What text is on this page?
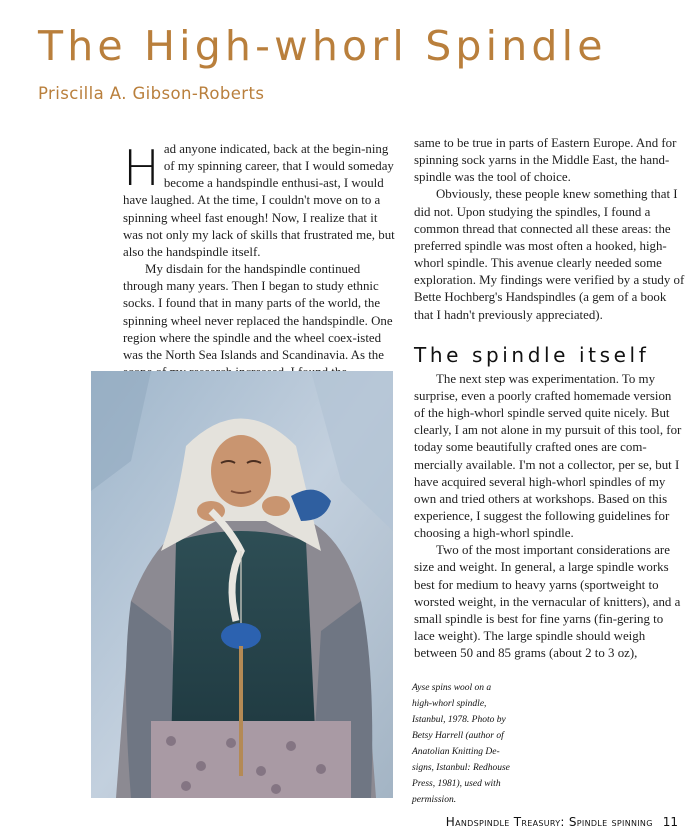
The High-whorl Spindle
Priscilla A. Gibson-Roberts

Had anyone indicated, back at the begin-ning of my spinning career, that I would someday become a handspindle enthusi-ast, I would have laughed. At the time, I couldn't move on to a spinning wheel fast enough! Now, I realize that it was not only my lack of skills that frustrated me, but also the handspindle itself.

My disdain for the handspindle continued through many years. Then I began to study ethnic socks. I found that in many parts of the world, the spinning wheel never replaced the handspindle. One region where the spindle and the wheel coex-isted was the North Sea Islands and Scandinavia. As the

same to be true in parts of Eastern Europe. And for spinning sock yarns in the Middle East, the hand-spindle was the tool of choice.

Obviously, these people knew something that I did not. Upon studying the spindles, I found a common thread that connected all these areas: the preferred spindle was most often a hooked, high-whorl spindle. This avenue clearly needed some exploration. My findings were verified by a study of Bette Hochberg's Handspindles (a gem of a book that I hadn't previously appreciated).

The spindle itself

The next step was experimentation. To my surprise, even a poorly crafted homemade version of the high-whorl spindle served quite nicely. But clearly, I am not alone in my pursuit of this tool, for today some beautifully crafted ones are com-mercially available. I'm not a collector, per se, but I have acquired several high-whorl spindles of my own and tried others at workshops. Based on this experience, I suggest the following guidelines for choosing a high-whorl spindle.

Two of the most important considerations are size and weight. In general, a large spindle works best for medium to heavy yarns (sportweight to worsted weight, in the vernacular of knitters), and a small spindle is best for fine yarns (fin-gering to lace weight). The large spindle should weigh between 50 and 85 grams (about 2 to 3 oz),

Ayse spins wool on a

high-whorl spindle,

Istanbul, 1978. Photo by

Betsy Harrell (author of

Anatolian Knitting De-

signs, Istanbul: Redhouse

Press, 1981), used with

permission.

Handspindle Treasury: Spindle spinning 11
